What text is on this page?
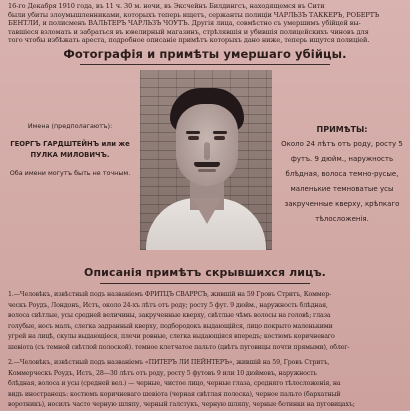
16-го Декабря 1910 года, въ 11 ч. 30 м. ночи, въ Эксчейнъ Билдингсъ, находящемся въ Сити
были убиты злоумышленниками, которыхъ теперь ищетъ, сержанты полиціи ЧАРЛЬЗЪ ТАККЕРЪ, РОБЕРТЪ
БЕНТЛИ, и полисменъ ВАЛЬТЕРЪ ЧАРЛЬЗЪ ЧОУТЪ. Другія лица, совмѣстно съ умершимъ убійцей вы-
тавшіеся взломать и забраться въ ювелирный магазинъ, стрѣлявшія и убившія полицейскихъ чиновъ для
того чтобы избѣжать ареста, подробное описаніе примѣтъ которыхъ дано ниже, теперь ищутся полиціей.
Фотографія и примѣты умершаго убійцы.
Имена (предполагаютъ):
ГЕОРГЪ ГАРДШТЕЙНЪ или же ПУЛКА МИЛОВИЧЪ.
Оба имени могутъ быть не точным.
ПРИМѢТЫ:
Около 24 лѣтъ отъ роду, росту 5 футъ. 9 дюйм., наружность блѣдная, волоса темно-русые, маленькие темноватые усы закрученные кверху, крѣпкаго тѣлосложенія.
Описанія примѣтъ скрывшихся лицъ.
1.—Человѣкъ, извѣстный подъ названіемъ ФРИТЦЪ СВАРРСЪ, жившій на 59 Гровъ Стритъ, Коммер-
ческъ Роудъ, Лондонъ, Истъ, около 24-хъ лѣтъ отъ роду; росту 5 фут. 9 дюйм., наружность блѣдная,
волоса свѣтлые, усы средней величины, закрученные кверху, свѣтлые чѣмъ волосы на головѣ; глаза
голубые, носъ малъ, слегка задранный кверху, подбородокъ выдающійся, лицо покрыто маленькими
угрей на лицѣ, скулы выдающіеся, плечи ровные, слегка выдающіяся впередъ; костюмъ коричневаго
шевіота (съ темной свѣтлой полоской). темное клетчатое пальто (цвѣтъ пуговицы почти прямыми), облег-
2.—Человѣкъ, извѣстный подъ названіемъ «ПИТЕРЪ ЛИ ПЕЙНТЕРЪ», жившій на 59, Гровъ Стритъ,
Коммерческъ Роудъ, Истъ, 28—30 лѣтъ отъ роду, росту 5 футовъ 9 или 10 дюймовъ, наружность
блѣдная, волоса и усы (средней вел.) — черные, чистое лицо, черные глаза, средняго тѣлосложенія, на
видъ иностранецъ: костюмъ коричневаго шевіота (черная свѣтлая полоска), черное пальто (бархатный
воротникъ), носилъ часто черную шляпу, черный галстукъ, черную шляпу, черные ботинки на пуговицахъ;
